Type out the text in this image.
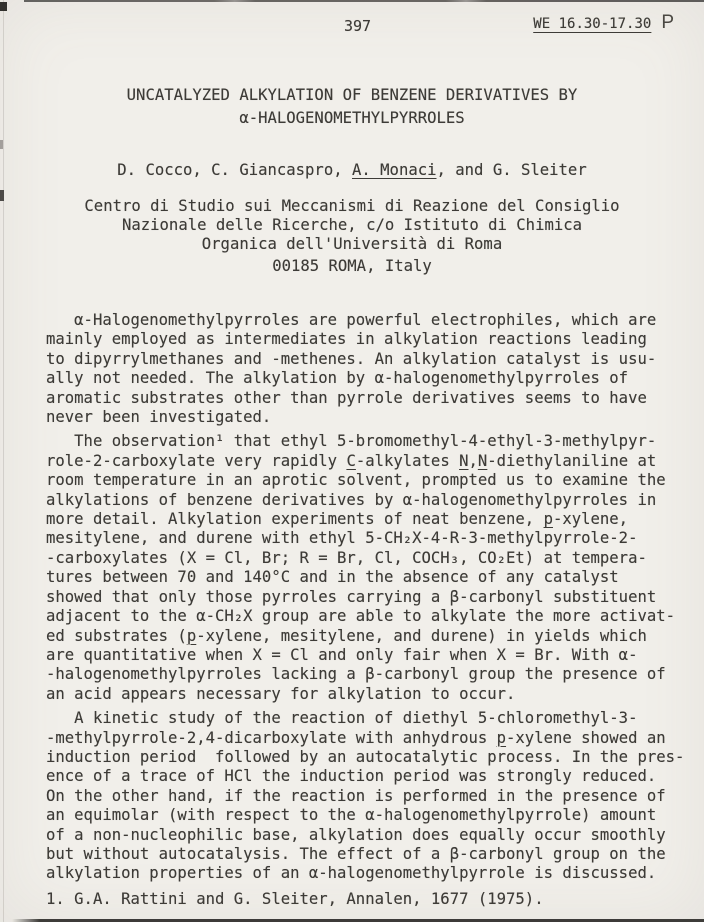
397	WE 16.30-17.30 P
UNCATALYZED ALKYLATION OF BENZENE DERIVATIVES BY
α-HALOGENOMETHYLPYRROLES
D. Cocco, C. Giancaspro, A. Monaci, and G. Sleiter
Centro di Studio sui Meccanismi di Reazione del Consiglio
Nazionale delle Ricerche, c/o Istituto di Chimica
Organica dell'Università di Roma
00185 ROMA, Italy
α-Halogenomethylpyrroles are powerful electrophiles, which are
mainly employed as intermediates in alkylation reactions leading
to dipyrrylmethanes and -methenes. An alkylation catalyst is usu-
ally not needed. The alkylation by α-halogenomethylpyrroles of
aromatic substrates other than pyrrole derivatives seems to have
never been investigated.
The observation¹ that ethyl 5-bromomethyl-4-ethyl-3-methylpyr-
role-2-carboxylate very rapidly C-alkylates N,N-diethylaniline at
room temperature in an aprotic solvent, prompted us to examine the
alkylations of benzene derivatives by α-halogenomethylpyrroles in
more detail. Alkylation experiments of neat benzene, p-xylene,
mesitylene, and durene with ethyl 5-CH₂X-4-R-3-methylpyrrole-2-
-carboxylates (X = Cl, Br; R = Br, Cl, COCH₃, CO₂Et) at tempera-
tures between 70 and 140°C and in the absence of any catalyst
showed that only those pyrroles carrying a β-carbonyl substituent
adjacent to the α-CH₂X group are able to alkylate the more activat-
ed substrates (p-xylene, mesitylene, and durene) in yields which
are quantitative when X = Cl and only fair when X = Br. With α-
-halogenomethylpyrroles lacking a β-carbonyl group the presence of
an acid appears necessary for alkylation to occur.
A kinetic study of the reaction of diethyl 5-chloromethyl-3-
-methylpyrrole-2,4-dicarboxylate with anhydrous p-xylene showed an
induction period  followed by an autocatalytic process. In the pres-
ence of a trace of HCl the induction period was strongly reduced.
On the other hand, if the reaction is performed in the presence of
an equimolar (with respect to the α-halogenomethylpyrrole) amount
of a non-nucleophilic base, alkylation does equally occur smoothly
but without autocatalysis. The effect of a β-carbonyl group on the
alkylation properties of an α-halogenomethylpyrrole is discussed.
1. G.A. Rattini and G. Sleiter, Annalen, 1677 (1975).
